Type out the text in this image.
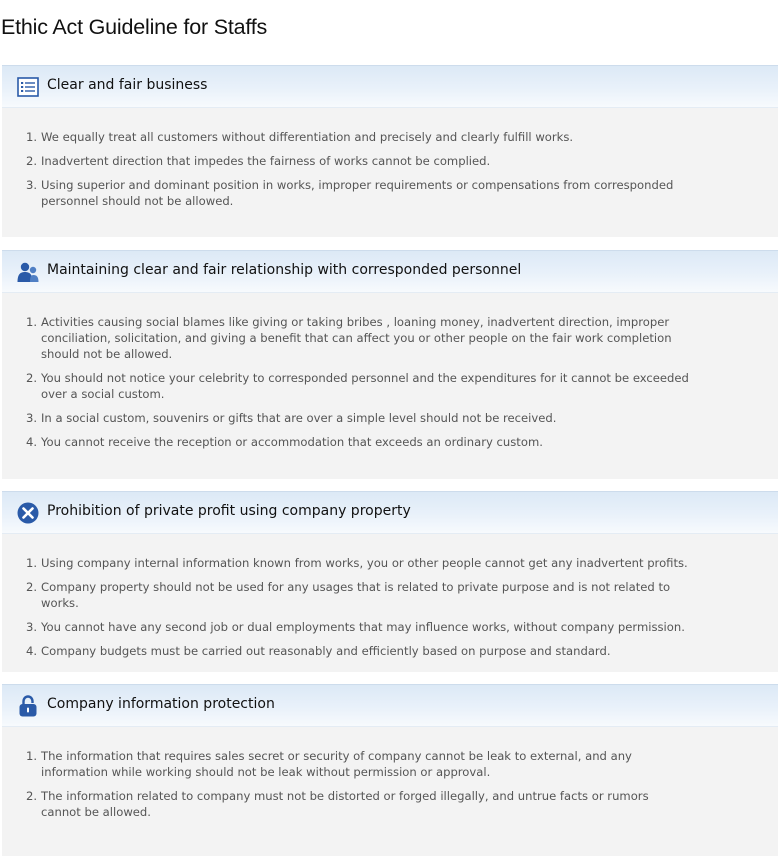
Ethic Act Guideline for Staffs
Clear and fair business
1. We equally treat all customers without differentiation and precisely and clearly fulfill works.
2. Inadvertent direction that impedes the fairness of works cannot be complied.
3. Using superior and dominant position in works, improper requirements or compensations from corresponded personnel should not be allowed.
Maintaining clear and fair relationship with corresponded personnel
1. Activities causing social blames like giving or taking bribes , loaning money, inadvertent direction, improper conciliation, solicitation, and giving a benefit that can affect you or other people on the fair work completion should not be allowed.
2. You should not notice your celebrity to corresponded personnel and the expenditures for it cannot be exceeded over a social custom.
3. In a social custom, souvenirs or gifts that are over a simple level should not be received.
4. You cannot receive the reception or accommodation that exceeds an ordinary custom.
Prohibition of private profit using company property
1. Using company internal information known from works, you or other people cannot get any inadvertent profits.
2. Company property should not be used for any usages that is related to private purpose and is not related to works.
3. You cannot have any second job or dual employments that may influence works, without company permission.
4. Company budgets must be carried out reasonably and efficiently based on purpose and standard.
Company information protection
1. The information that requires sales secret or security of company cannot be leak to external, and any information while working should not be leak without permission or approval.
2. The information related to company must not be distorted or forged illegally, and untrue facts or rumors cannot be allowed.
